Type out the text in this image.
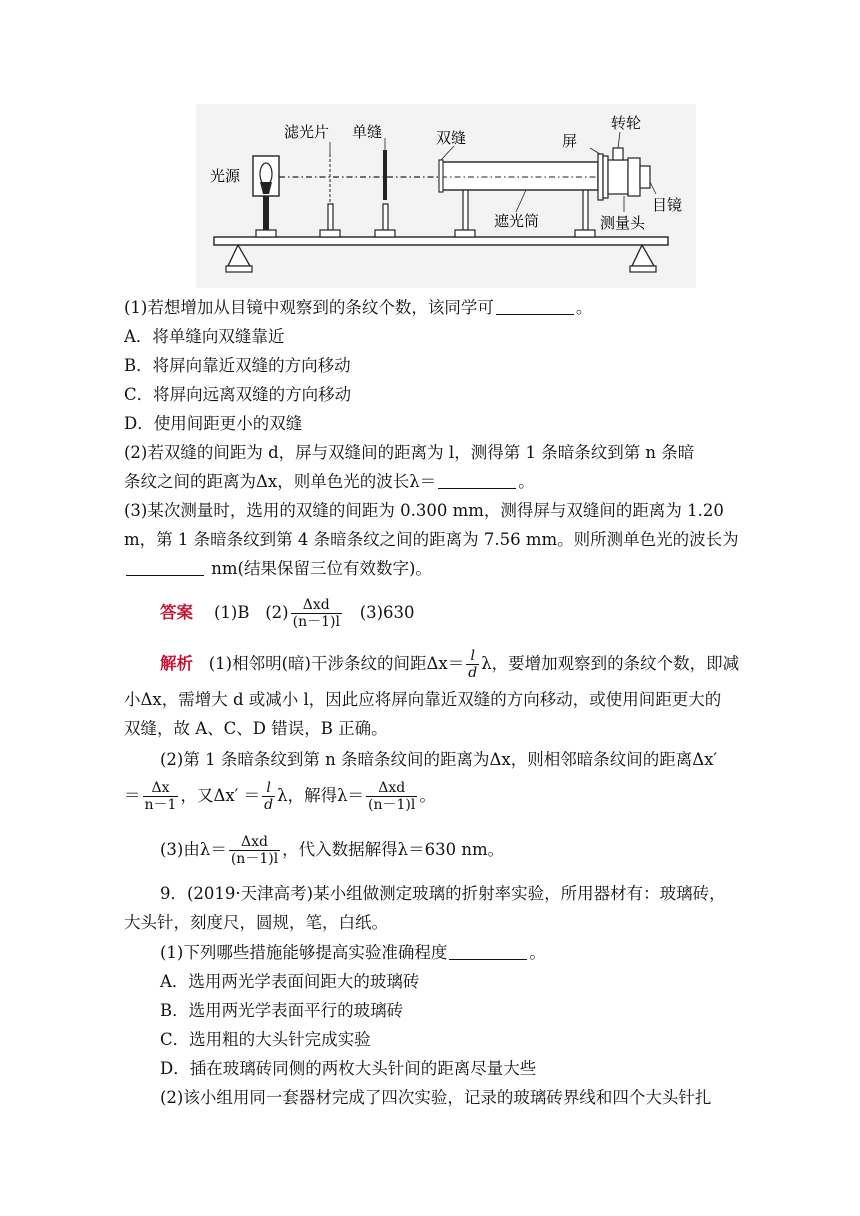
光源
滤光片 单缝	双缝	屏
转轮
遮光筒	测量头
目镜
(1)若想增加从目镜中观察到的条纹个数，该同学可	。
A．将单缝向双缝靠近
B．将屏向靠近双缝的方向移动
C．将屏向远离双缝的方向移动
D．使用间距更小的双缝
(2)若双缝的间距为 d，屏与双缝间的距离为 l，测得第 1 条暗条纹到第 n 条暗
条纹之间的距离为Δx，则单色光的波长λ＝	。
(3)某次测量时，选用的双缝的间距为 0.300 mm，测得屏与双缝间的距离为 1.20
m，第 1 条暗条纹到第 4 条暗条纹之间的距离为 7.56 mm。则所测单色光的波长为
nm(结果保留三位有效数字)。
答案 (1)B $(2) \frac{\text{Δxd}}{(n-1)l} (3)630$
解析 (1)相邻明(暗)干涉条纹的间距$\Delta x= \frac{l}{d}$ λ，要增加观察到的条纹个数，即减
小Δx，需增大 d 或减小 l，因此应将屏向靠近双缝的方向移动，或使用间距更大的
双缝，故 A、C、D 错误，B 正确。
(2)第 1 条暗条纹到第 n 条暗条纹间的距离为Δx，则相邻暗条纹间的距离Δx′
＝ $\frac{\Delta x}{n-1}$ ，又$\Delta x' = \frac{l}{d}$ λ，解得$\lambda= \frac{\text{Δxd}}{(n-1)l}$ 。
(3)由$\lambda= \frac{\text{Δxd}}{(n-1)l}$ ，代入数据解得λ＝630 nm。
9．(2019·天津高考)某小组做测定玻璃的折射率实验，所用器材有：玻璃砖，
大头针，刻度尺，圆规，笔，白纸。
(1)下列哪些措施能够提高实验准确程度	。
A．选用两光学表面间距大的玻璃砖
B．选用两光学表面平行的玻璃砖
C．选用粗的大头针完成实验
D．插在玻璃砖同侧的两枚大头针间的距离尽量大些
(2)该小组用同一套器材完成了四次实验，记录的玻璃砖界线和四个大头针扎
